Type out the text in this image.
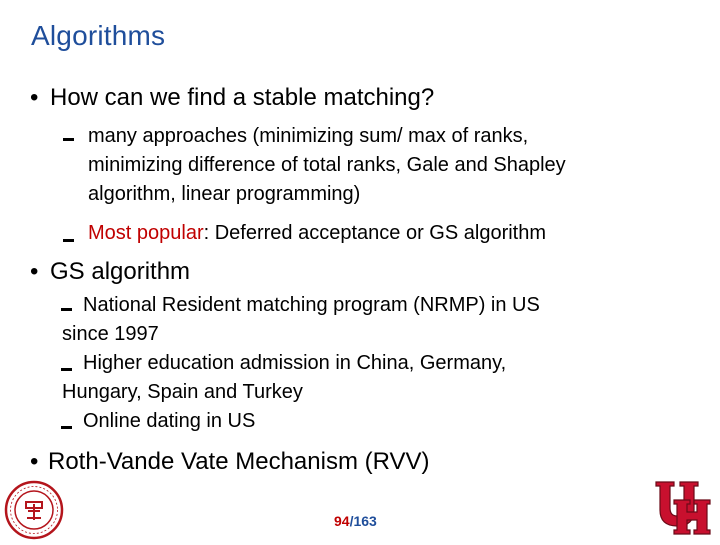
Algorithms
• How can we find a stable matching?
many approaches (minimizing sum/ max of ranks,
minimizing difference of total ranks, Gale and Shapley
algorithm, linear programming)
Most popular: Deferred acceptance or GS algorithm
• GS algorithm
National Resident matching program (NRMP) in US
since 1997
Higher education admission in China, Germany,
Hungary, Spain and Turkey
Online dating in US
• Roth-Vande Vate Mechanism (RVV)
94/163
